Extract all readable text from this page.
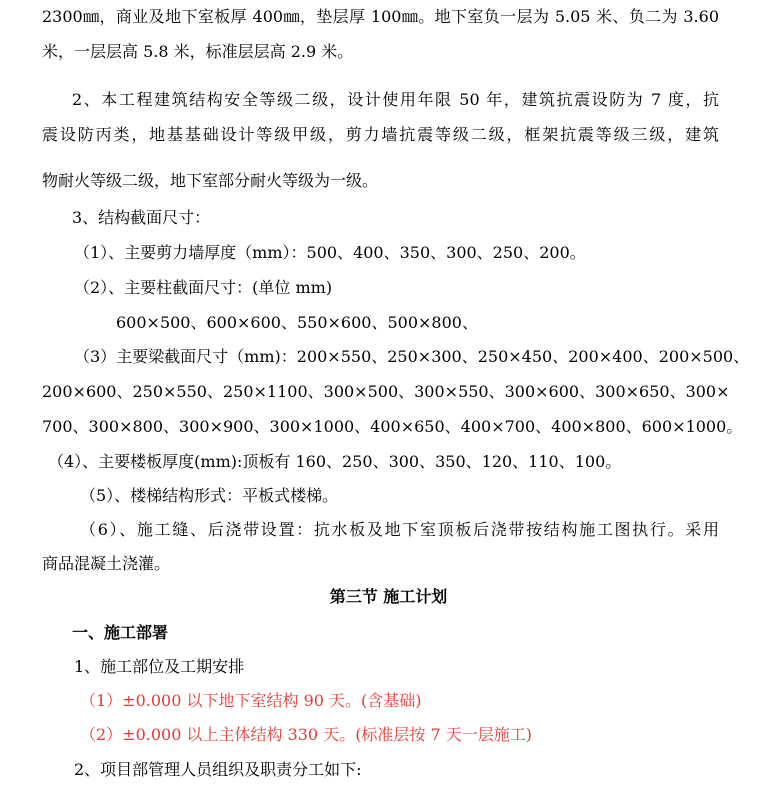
2300㎜，商业及地下室板厚 400㎜，垫层厚 100㎜。地下室负一层为 5.05 米、负二为 3.60
米，一层层高 5.8 米，标准层层高 2.9 米。
2、本工程建筑结构安全等级二级，设计使用年限 50 年，建筑抗震设防为 7 度，抗
震设防丙类，地基基础设计等级甲级，剪力墙抗震等级二级，框架抗震等级三级，建筑
物耐火等级二级，地下室部分耐火等级为一级。
3、结构截面尺寸：
（1）、主要剪力墙厚度（mm）：500、400、350、300、250、200。
（2）、主要柱截面尺寸：(单位 mm)
600×500、600×600、550×600、500×800、
（3）主要梁截面尺寸（mm)：200×550、250×300、250×450、200×400、200×500、
200×600、250×550、250×1100、300×500、300×550、300×600、300×650、300×
700、300×800、300×900、300×1000、400×650、400×700、400×800、600×1000。
（4）、主要楼板厚度(mm):顶板有 160、250、300、350、120、110、100。
（5）、楼梯结构形式：平板式楼梯。
（6）、施工缝、后浇带设置：抗水板及地下室顶板后浇带按结构施工图执行。采用
商品混凝土浇灌。
第三节 施工计划
一、施工部署
1、施工部位及工期安排
（1）±0.000 以下地下室结构 90 天。(含基础)
（2）±0.000 以上主体结构 330 天。(标准层按 7 天一层施工)
2、项目部管理人员组织及职责分工如下:
